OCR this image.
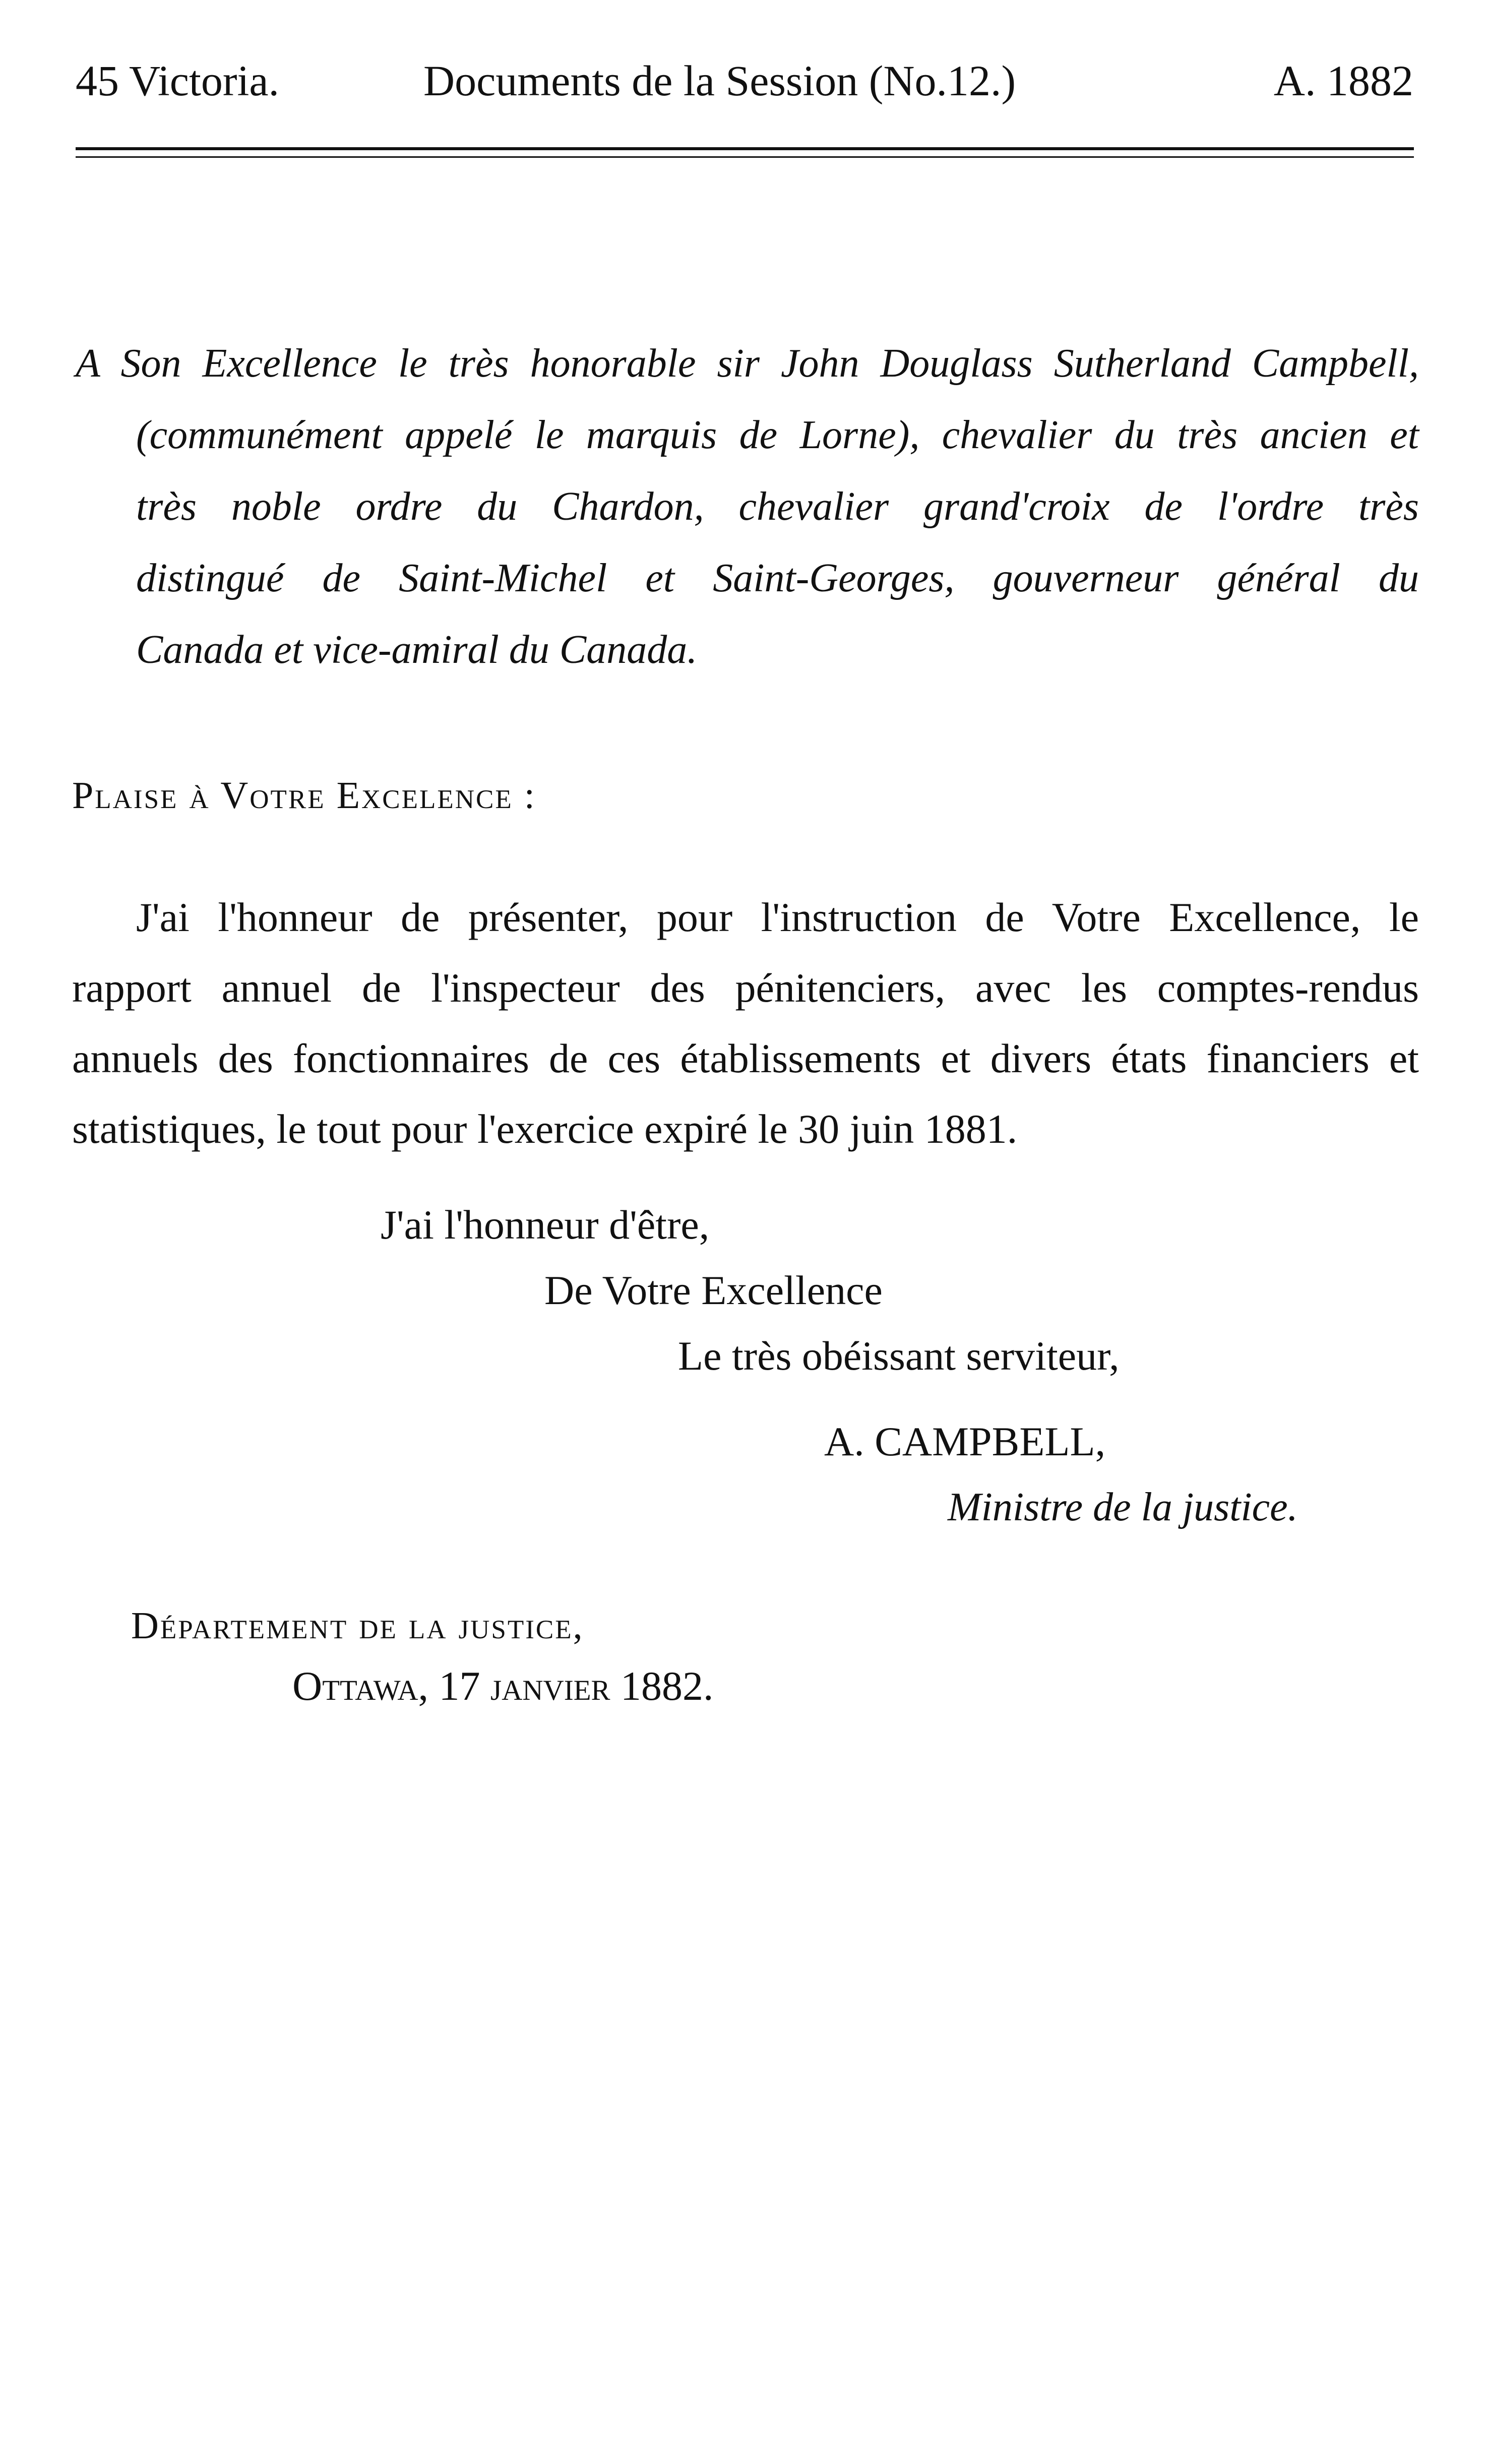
45 Victoria.	Documents de la Session (No.12.)	A. 1882
A Son Excellence le très honorable sir John Douglass Sutherland Campbell,
(communément appelé le marquis de Lorne), chevalier du très ancien et
très noble ordre du Chardon, chevalier grand'croix de l'ordre très
distingué de Saint-Michel et Saint-Georges, gouverneur général du
Canada et vice-amiral du Canada.
Plaise à Votre Excelence :
J'ai l'honneur de présenter, pour l'instruction de Votre Excellence, le
rapport annuel de l'inspecteur des pénitenciers, avec les comptes-rendus
annuels des fonctionnaires de ces établissements et divers états financiers et
statistiques, le tout pour l'exercice expiré le 30 juin 1881.
J'ai l'honneur d'être,
De Votre Excellence
Le très obéissant serviteur,
A. CAMPBELL,
Ministre de la justice.
Département de la justice,
Ottawa, 17 janvier 1882.
